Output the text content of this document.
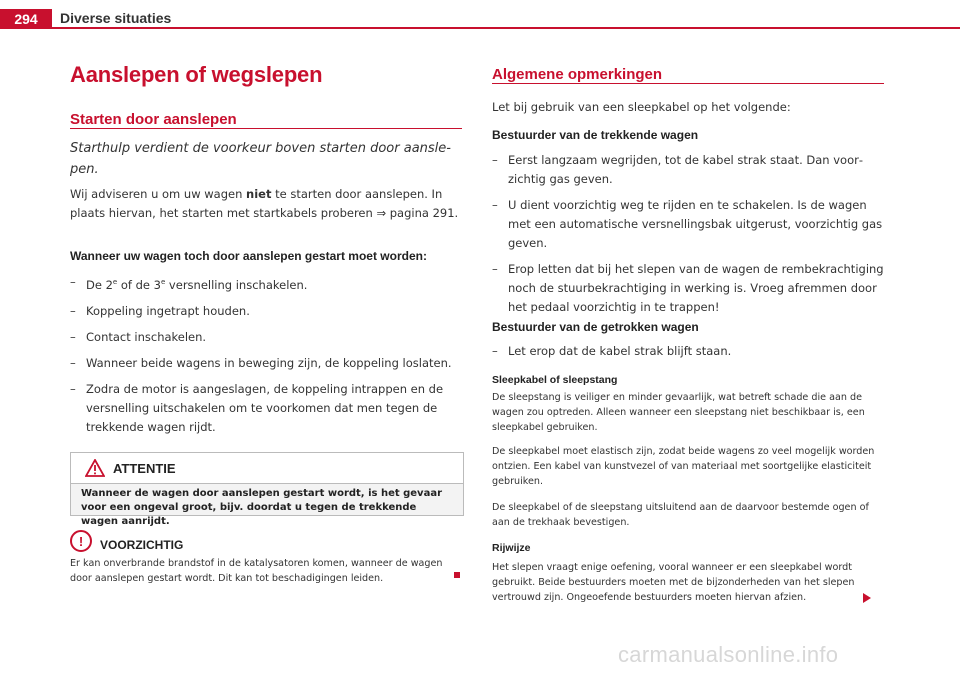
294	Diverse situaties
Aanslepen of wegslepen
Starten door aanslepen
Starthulp verdient de voorkeur boven starten door aanslepen.

Wij adviseren u om uw wagen niet te starten door aanslepen. In plaats hiervan, het starten met startkabels proberen ⇒ pagina 291.

Wanneer uw wagen toch door aanslepen gestart moet worden:
– De 2e of de 3e versnelling inschakelen.
– Koppeling ingetrapt houden.
– Contact inschakelen.
– Wanneer beide wagens in beweging zijn, de koppeling loslaten.
– Zodra de motor is aangeslagen, de koppeling intrappen en de versnelling uitschakelen om te voorkomen dat men tegen de trekkende wagen rijdt.
ATTENTIE
Wanneer de wagen door aanslepen gestart wordt, is het gevaar voor een ongeval groot, bijv. doordat u tegen de trekkende wagen aanrijdt.
!	VOORZICHTIG

Er kan onverbrande brandstof in de katalysatoren komen, wanneer de wagen door aanslepen gestart wordt. Dit kan tot beschadigingen leiden.

Algemene opmerkingen

Let bij gebruik van een sleepkabel op het volgende:

Bestuurder van de trekkende wagen
– Eerst langzaam wegrijden, tot de kabel strak staat. Dan voorzichtig gas geven.
– U dient voorzichtig weg te rijden en te schakelen. Is de wagen met een automatische versnellingsbak uitgerust, voorzichtig gas geven.
– Erop letten dat bij het slepen van de wagen de rembekrachtiging noch de stuurbekrachtiging in werking is. Vroeg afremmen door het pedaal voorzichtig in te trappen!
Bestuurder van de getrokken wagen
– Let erop dat de kabel strak blijft staan.
Sleepkabel of sleepstang

De sleepstang is veiliger en minder gevaarlijk, wat betreft schade die aan de wagen zou optreden. Alleen wanneer een sleepstang niet beschikbaar is, een sleepkabel gebruiken.

De sleepkabel moet elastisch zijn, zodat beide wagens zo veel mogelijk worden ontzien. Een kabel van kunstvezel of van materiaal met soortgelijke elasticiteit gebruiken.

De sleepkabel of de sleepstang uitsluitend aan de daarvoor bestemde ogen of aan de trekhaak bevestigen.

Rijwijze

Het slepen vraagt enige oefening, vooral wanneer er een sleepkabel wordt gebruikt. Beide bestuurders moeten met de bijzonderheden van het slepen vertrouwd zijn. Ongeoefende bestuurders moeten hiervan afzien.

carmanualsonline.info
